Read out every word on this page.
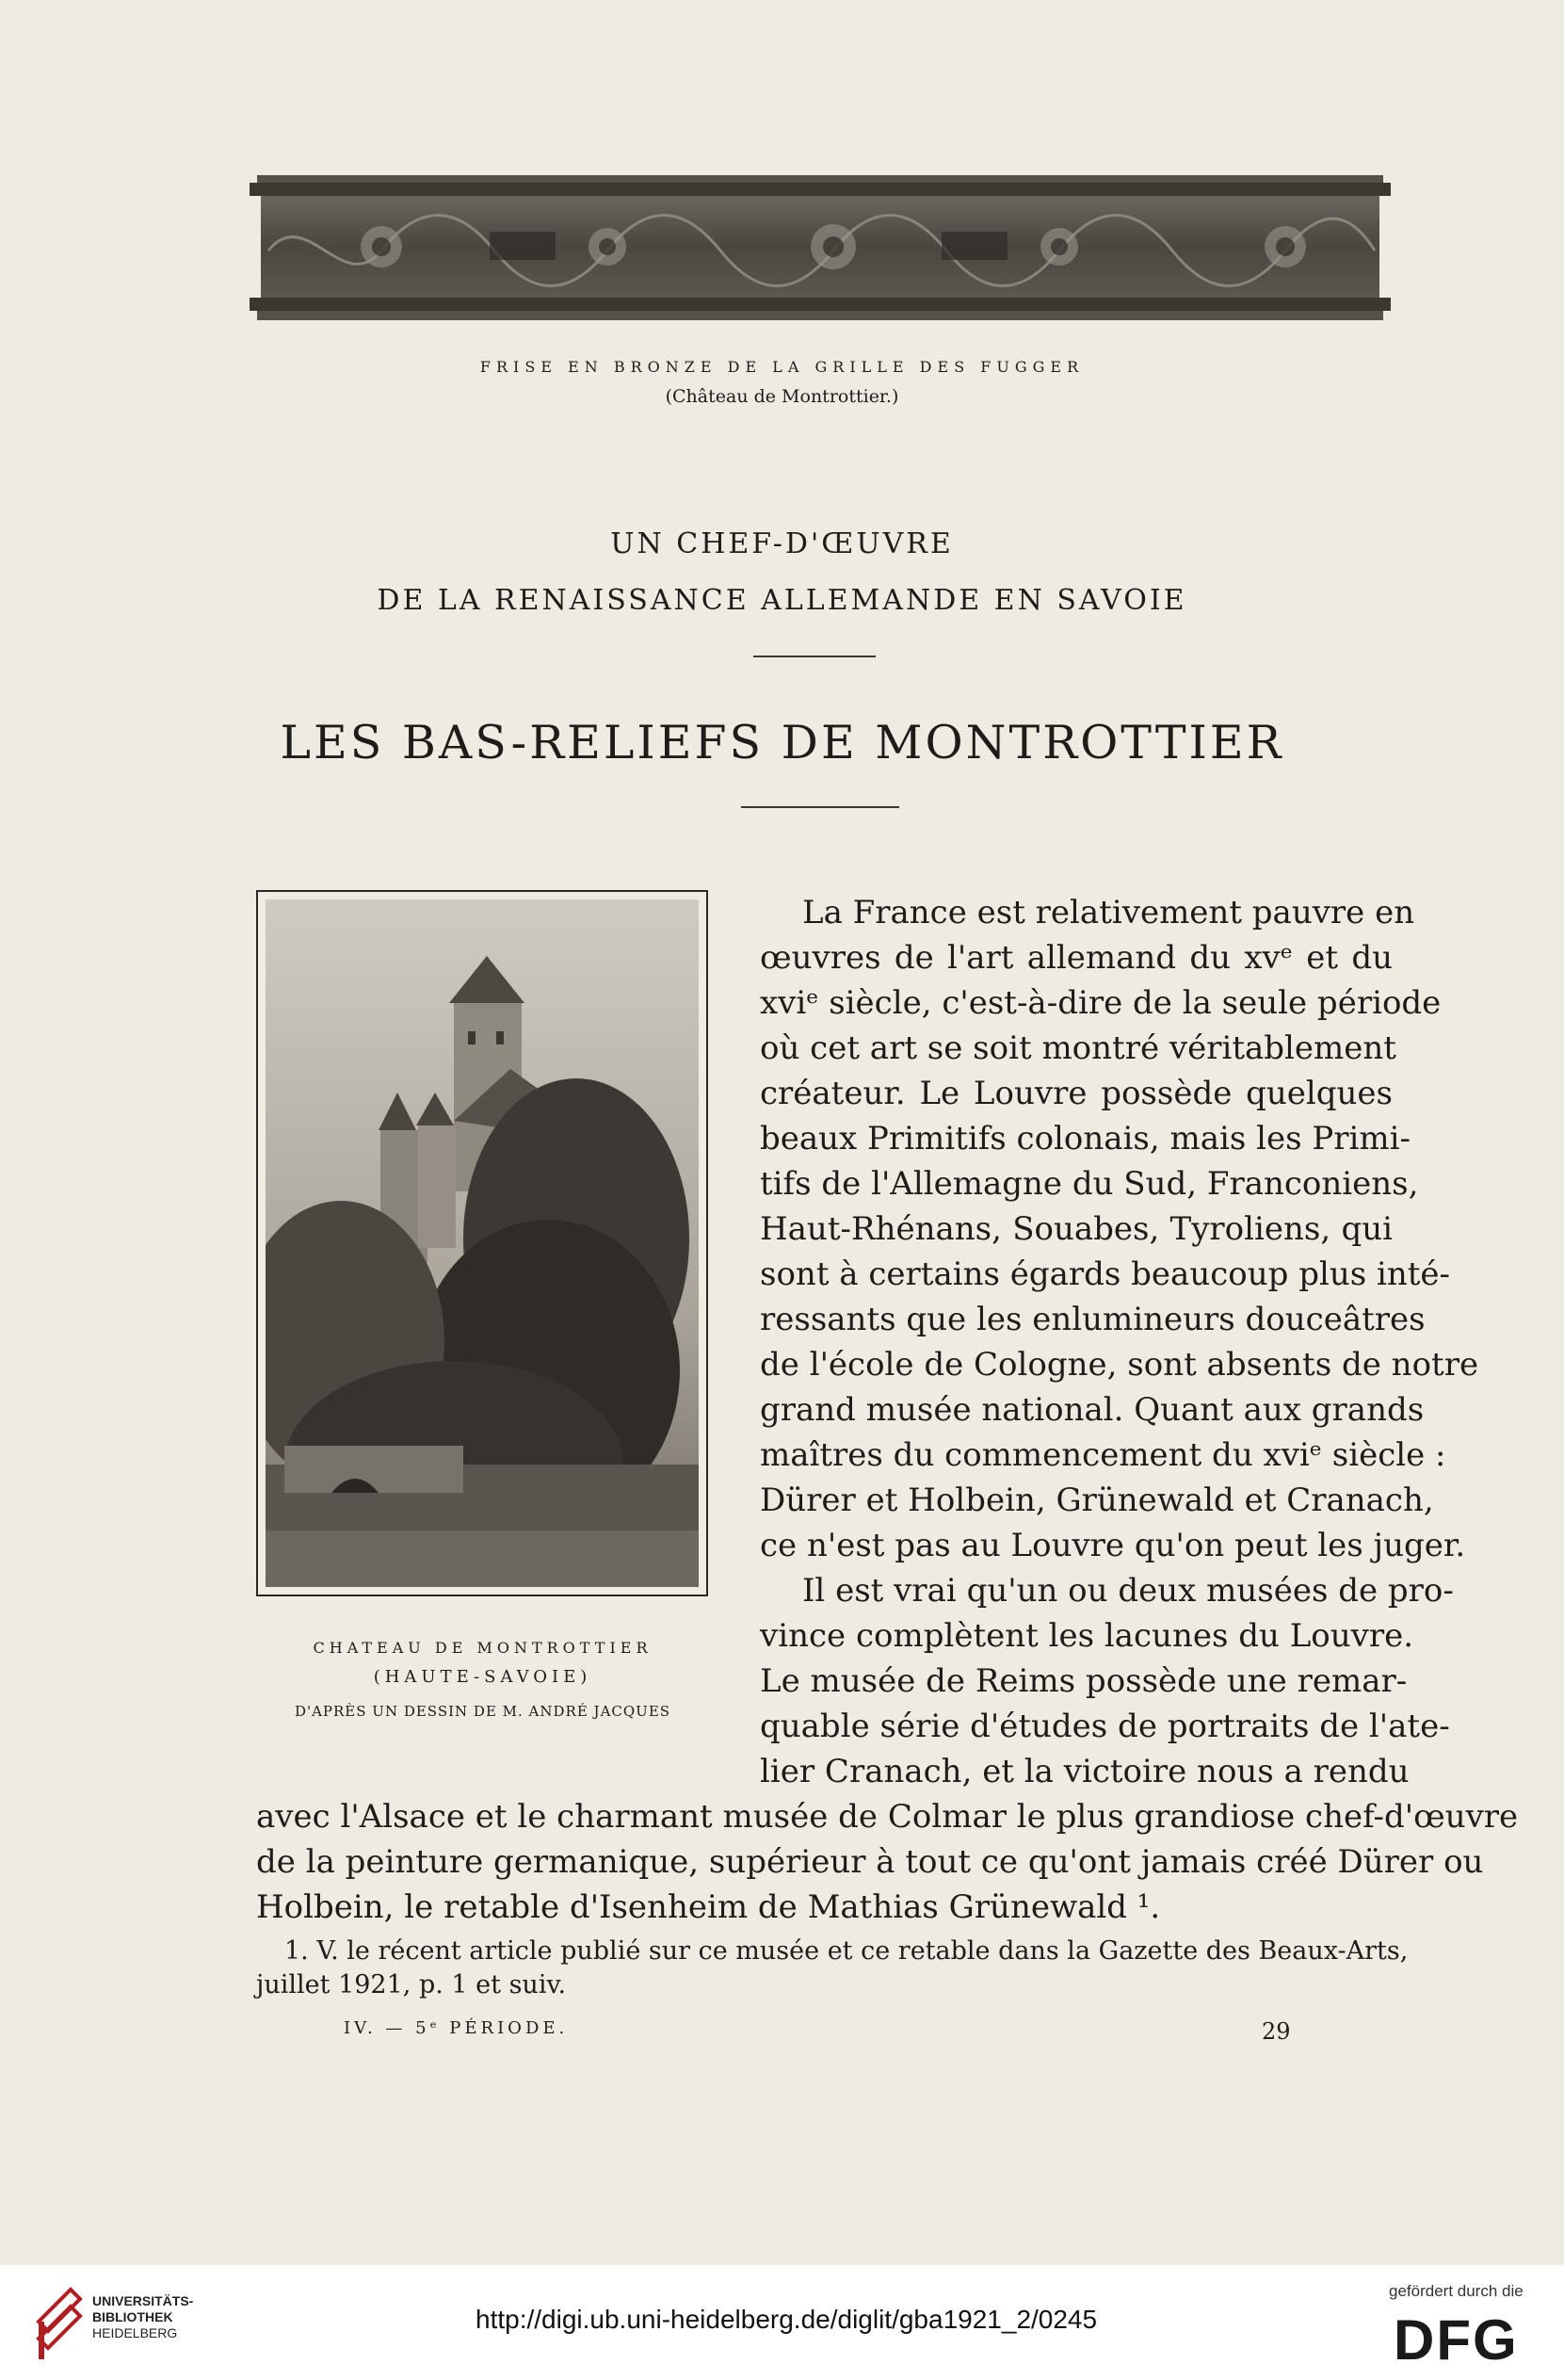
FRISE EN BRONZE DE LA GRILLE DES FUGGER
(Château de Montrottier.)
UN CHEF-D'ŒUVRE
DE LA RENAISSANCE ALLEMANDE EN SAVOIE
LES BAS-RELIEFS DE MONTROTTIER
CHATEAU DE MONTROTTIER
(HAUTE-SAVOIE)
D'APRÈS UN DESSIN DE M. ANDRÉ JACQUES
La France est relativement pauvre en
œuvres de l'art allemand du xvᵉ et du
xviᵉ siècle, c'est-à-dire de la seule période
où cet art se soit montré véritablement
créateur. Le Louvre possède quelques
beaux Primitifs colonais, mais les Primi-
tifs de l'Allemagne du Sud, Franconiens,
Haut-Rhénans, Souabes, Tyroliens, qui
sont à certains égards beaucoup plus inté-
ressants que les enlumineurs douceâtres
de l'école de Cologne, sont absents de notre
grand musée national. Quant aux grands
maîtres du commencement du xviᵉ siècle :
Dürer et Holbein, Grünewald et Cranach,
ce n'est pas au Louvre qu'on peut les juger.
Il est vrai qu'un ou deux musées de pro-
vince complètent les lacunes du Louvre.
Le musée de Reims possède une remar-
quable série d'études de portraits de l'ate-
lier Cranach, et la victoire nous a rendu
avec l'Alsace et le charmant musée de Colmar le plus grandiose chef-d'œuvre
de la peinture germanique, supérieur à tout ce qu'ont jamais créé Dürer ou
Holbein, le retable d'Isenheim de Mathias Grünewald ¹.
1. V. le récent article publié sur ce musée et ce retable dans la Gazette des Beaux-Arts,
juillet 1921, p. 1 et suiv.
IV. — 5ᵉ PÉRIODE.	29
UNIVERSITÄTS-
BIBLIOTHEK
HEIDELBERG	http://digi.ub.uni-heidelberg.de/diglit/gba1921_2/0245
gefördert durch die
DFG
